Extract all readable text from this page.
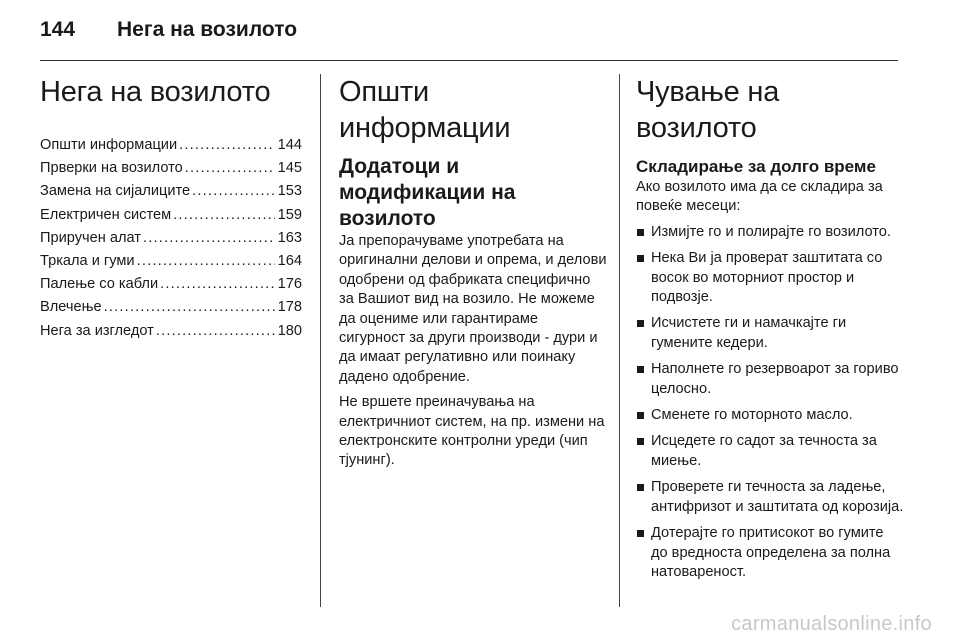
144 Нега на возилото
Нега на возилото
Општи информации .....	144
Прверки на возилото .....	145
Замена на сијалиците .....	153
Електричен систем .....	159
Приручен алат .....	163
Тркала и гуми .....	164
Палење со кабли .....	176
Влечење .....	178
Нега за изгледот .....	180
Општи информации
Додатоци и модификации на возилото

Ја препорачуваме употребата на оригинални делови и опрема, и делови одобрени од фабриката специфично за Вашиот вид на возило. Не можеме да оцениме или гарантираме сигурност за други производи - дури и да имаат регулативно или поинаку дадено одобрение.

Не вршете преиначувања на електричниот систем, на пр. измени на електронските контролни уреди (чип тјунинг).

Чување на возилото
Складирање за долго време

Ако возилото има да се складира за повеќе месеци:

Измијте го и полирајте го возилото.
Нека Ви ја проверат заштитата со восок во моторниот простор и подвозје.
Исчистете ги и намачкајте ги гумените кедери.
Наполнете го резервоарот за гориво целосно.
Сменете го моторното масло.
Исцедете го садот за течноста за миење.
Проверете ги течноста за ладење, антифризот и заштитата од корозија.
Дотерајте го притисокот во гумите до вредноста определена за полна натовареност.
carmanualsonline.info
